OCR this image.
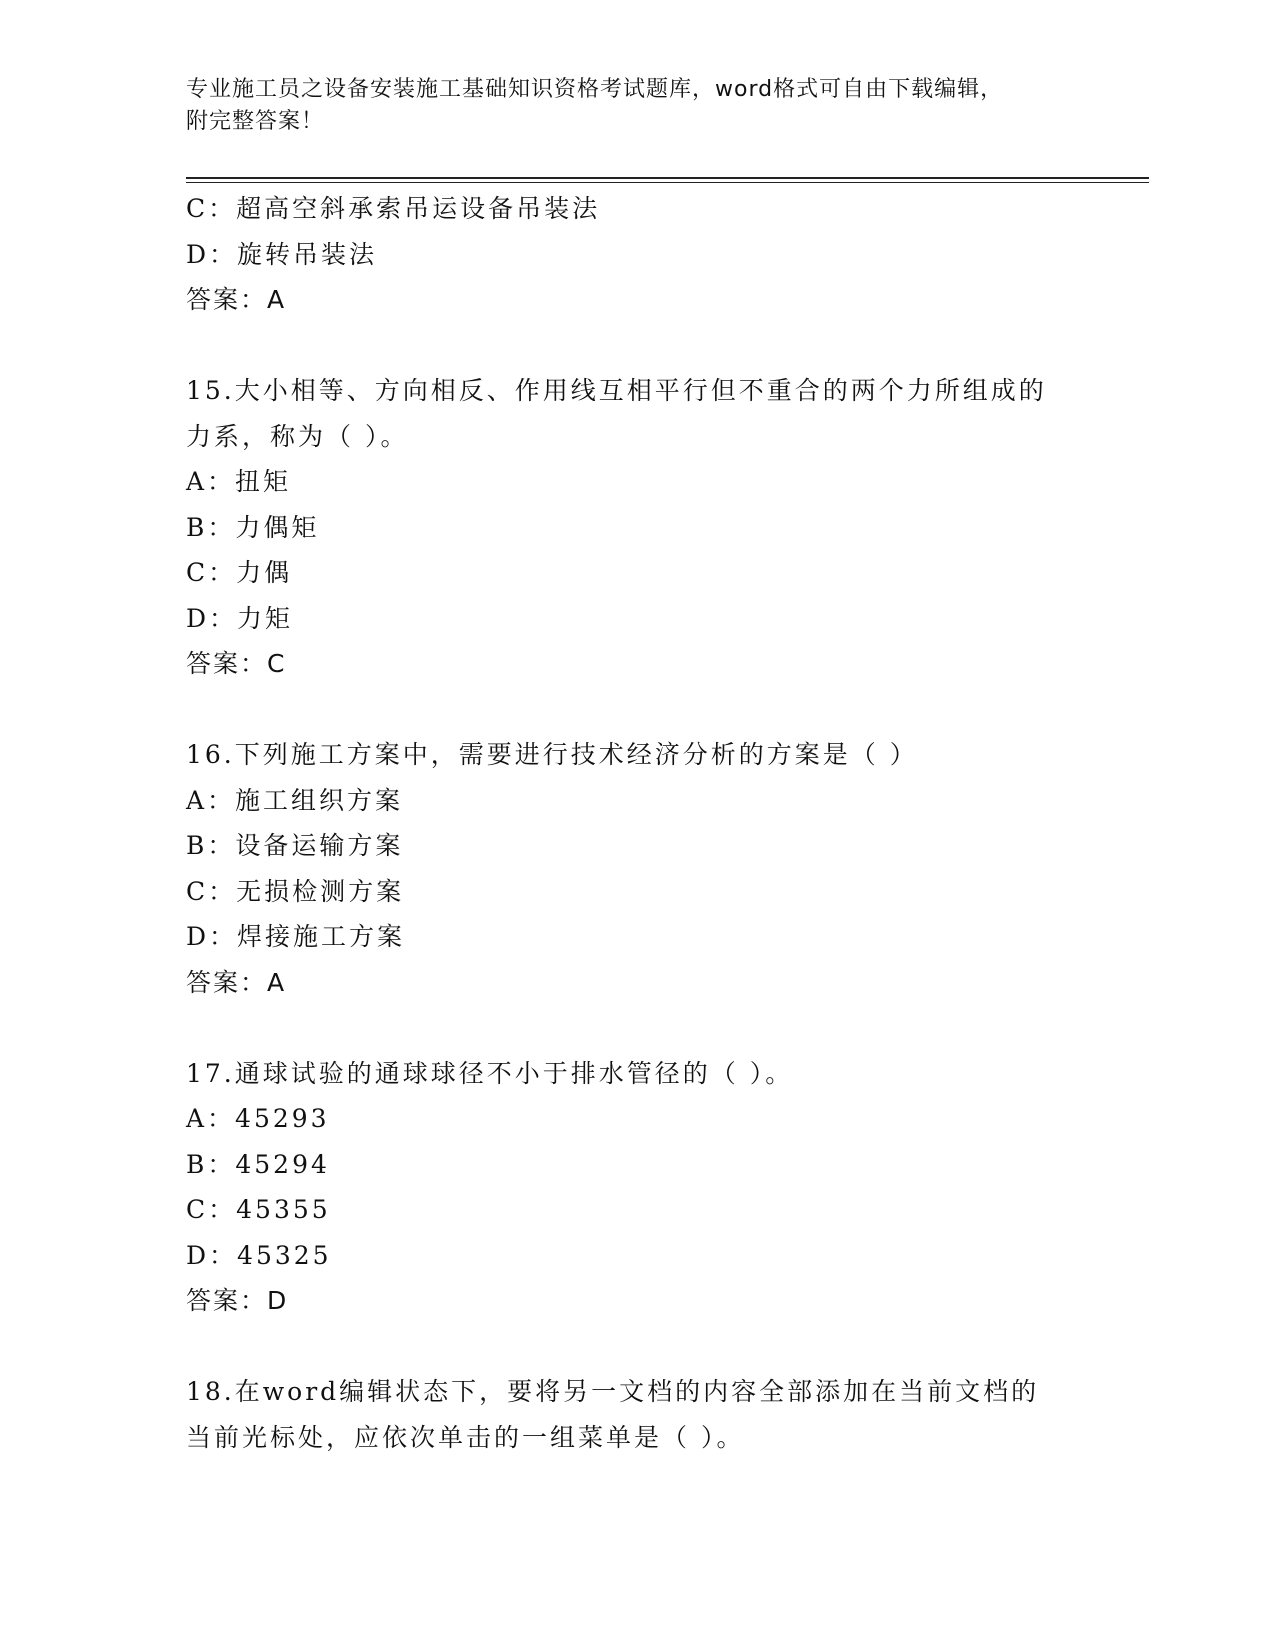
专业施工员之设备安装施工基础知识资格考试题库，word格式可自由下载编辑，
附完整答案！
C：超高空斜承索吊运设备吊装法
D：旋转吊装法
答案：A
15.大小相等、方向相反、作用线互相平行但不重合的两个力所组成的
力系，称为（ ）。
A：扭矩
B：力偶矩
C：力偶
D：力矩
答案：C
16.下列施工方案中，需要进行技术经济分析的方案是（ ）
A：施工组织方案
B：设备运输方案
C：无损检测方案
D：焊接施工方案
答案：A
17.通球试验的通球球径不小于排水管径的（ ）。
A：45293
B：45294
C：45355
D：45325
答案：D
18.在word编辑状态下，要将另一文档的内容全部添加在当前文档的
当前光标处，应依次单击的一组菜单是（ ）。
